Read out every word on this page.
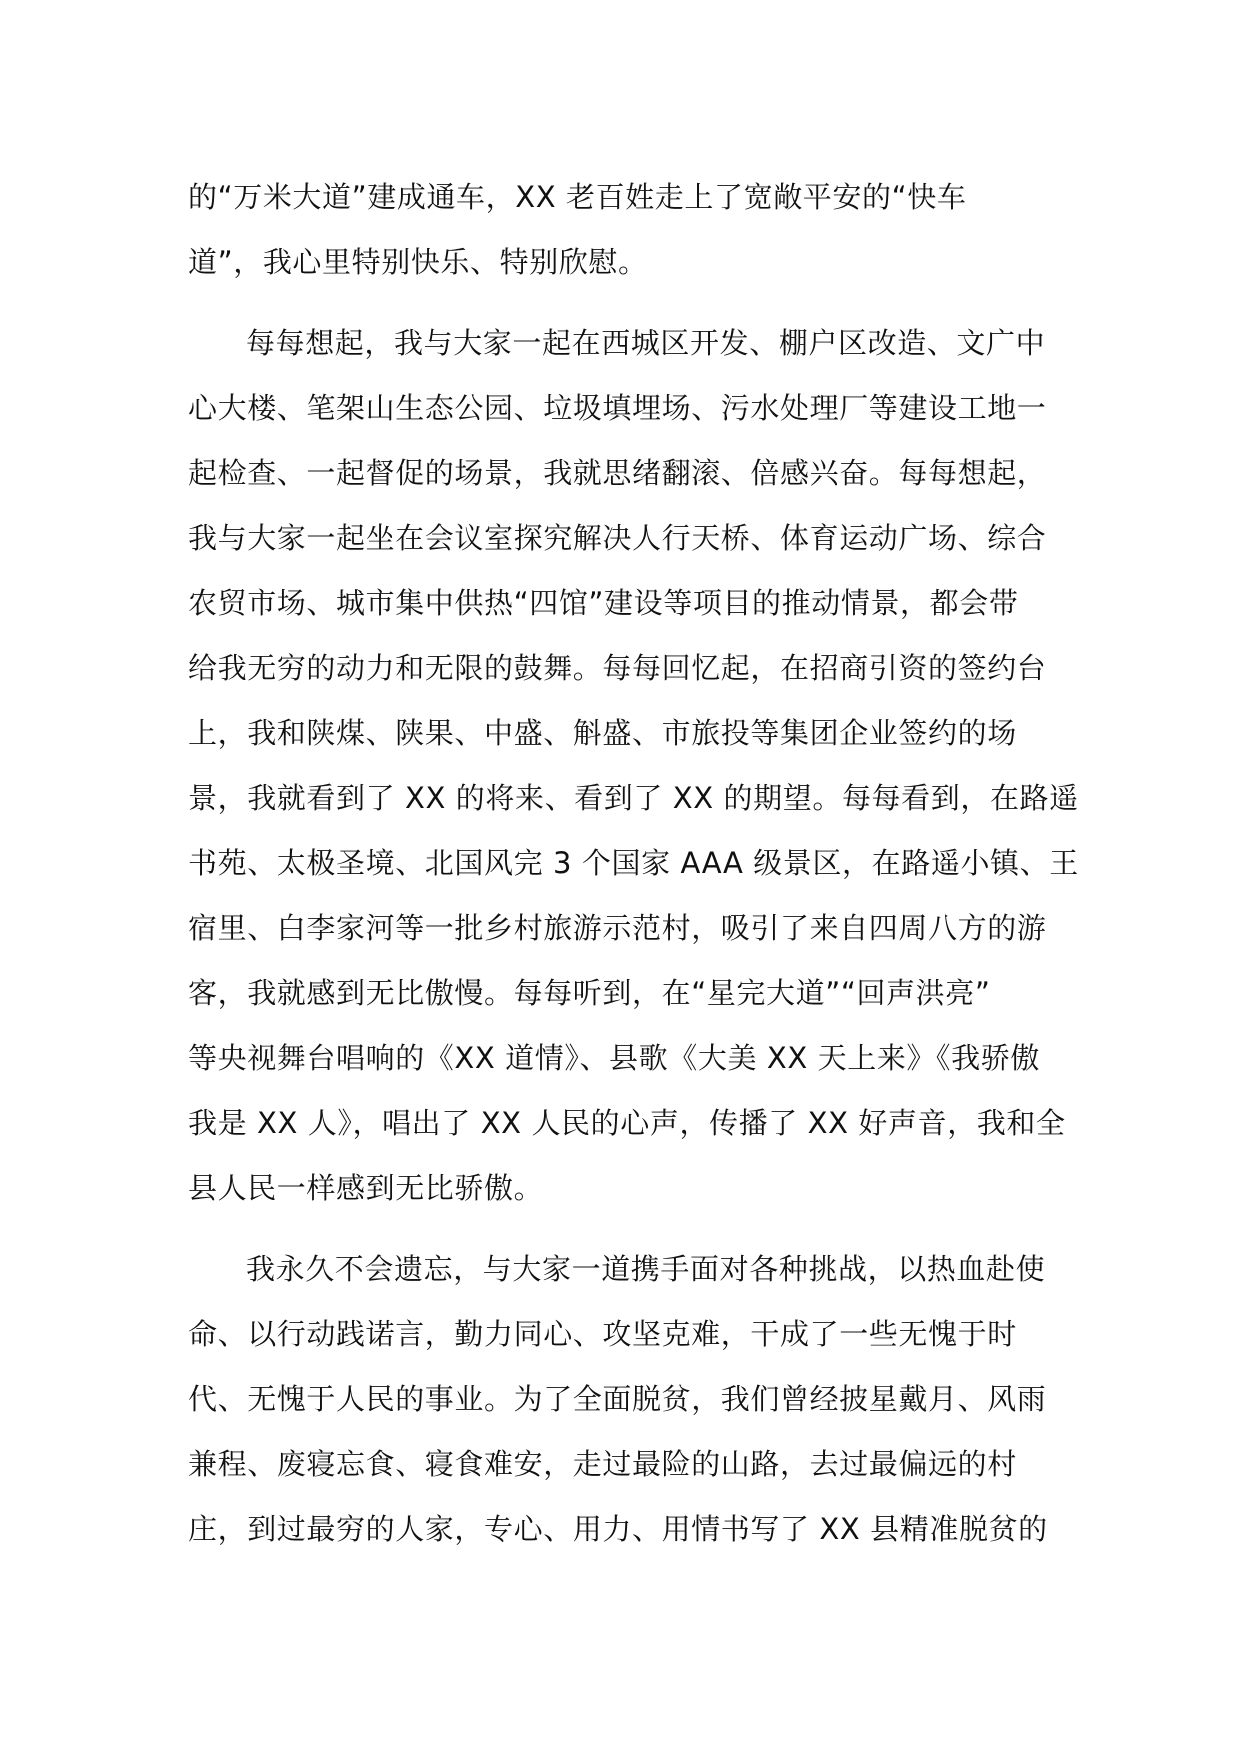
的“万米大道”建成通车，XX 老百姓走上了宽敞平安的“快车
道”，我心里特别快乐、特别欣慰。
每每想起，我与大家一起在西城区开发、棚户区改造、文广中
心大楼、笔架山生态公园、垃圾填埋场、污水处理厂等建设工地一
起检查、一起督促的场景，我就思绪翻滚、倍感兴奋。每每想起，
我与大家一起坐在会议室探究解决人行天桥、体育运动广场、综合
农贸市场、城市集中供热“四馆”建设等项目的推动情景，都会带
给我无穷的动力和无限的鼓舞。每每回忆起，在招商引资的签约台
上，我和陕煤、陕果、中盛、斛盛、市旅投等集团企业签约的场
景，我就看到了 XX 的将来、看到了 XX 的期望。每每看到，在路遥
书苑、太极圣境、北国风完 3 个国家 AAA 级景区，在路遥小镇、王
宿里、白李家河等一批乡村旅游示范村，吸引了来自四周八方的游
客，我就感到无比傲慢。每每听到，在“星完大道”“回声洪亮”
等央视舞台唱响的《XX 道情》、县歌《大美 XX 天上来》《我骄傲
我是 XX 人》，唱出了 XX 人民的心声，传播了 XX 好声音，我和全
县人民一样感到无比骄傲。
我永久不会遗忘，与大家一道携手面对各种挑战，以热血赴使
命、以行动践诺言，勤力同心、攻坚克难，干成了一些无愧于时
代、无愧于人民的事业。为了全面脱贫，我们曾经披星戴月、风雨
兼程、废寝忘食、寝食难安，走过最险的山路，去过最偏远的村
庄，到过最穷的人家，专心、用力、用情书写了 XX 县精准脱贫的
